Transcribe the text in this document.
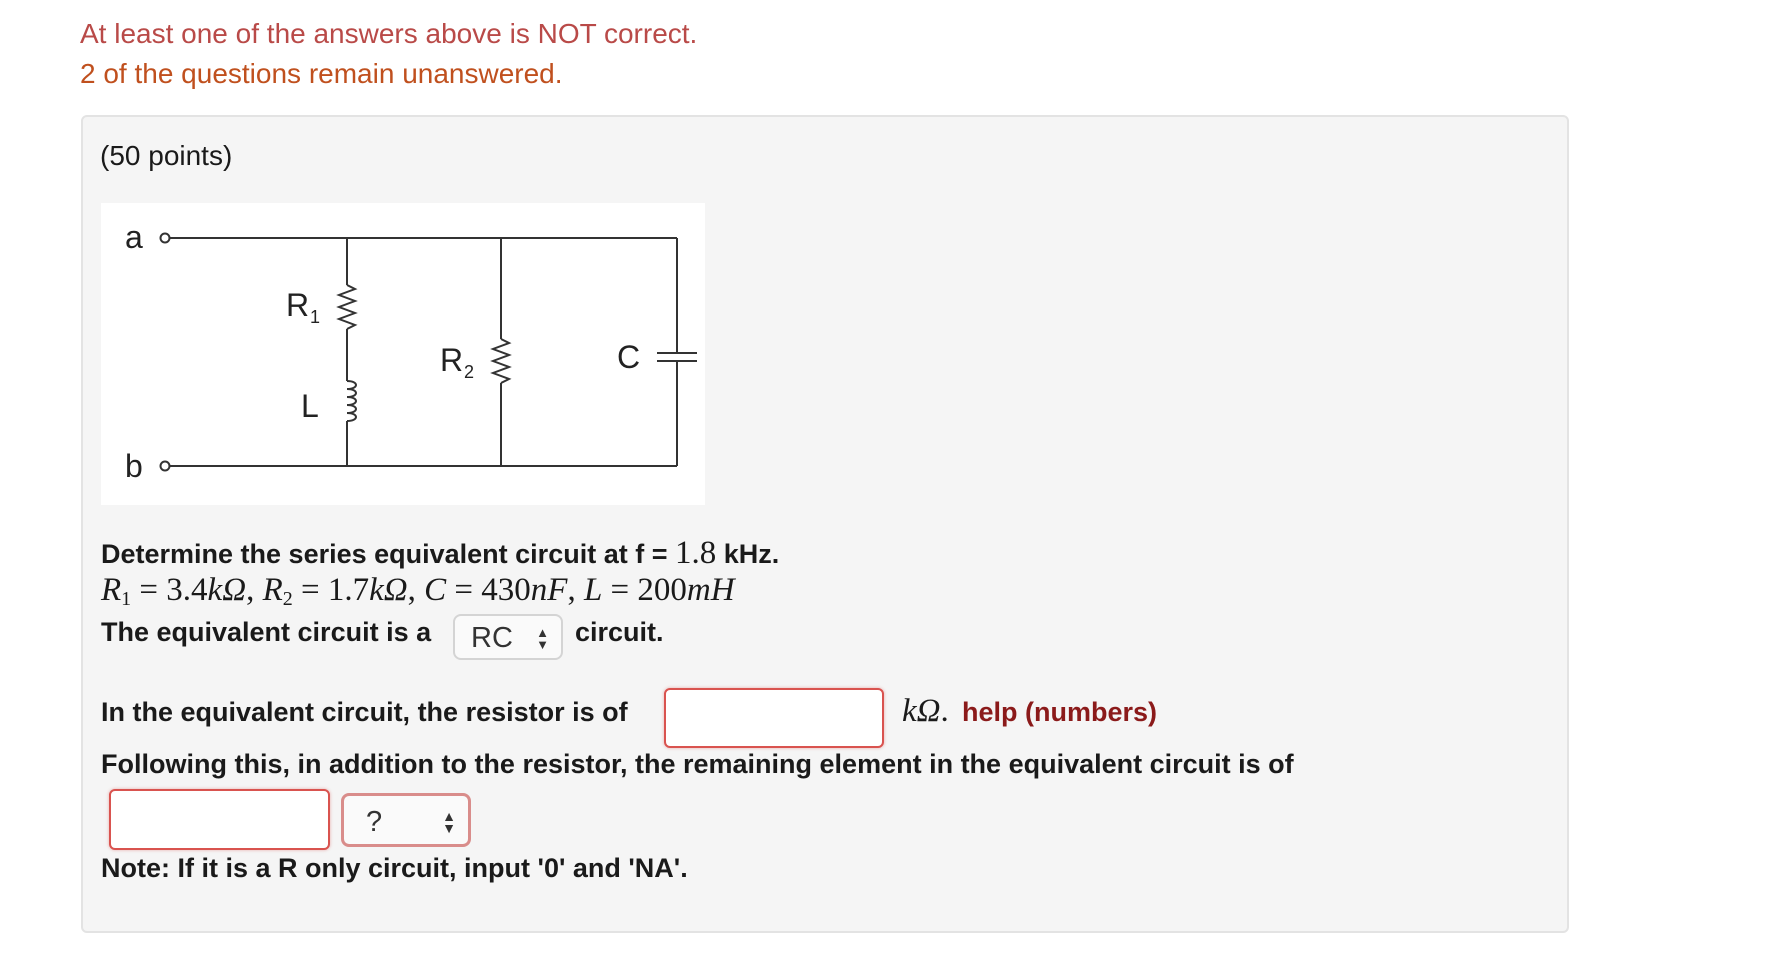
At least one of the answers above is NOT correct.
2 of the questions remain unanswered.
(50 points)
a
b
R 1
R 2	C
L
Determine the series equivalent circuit at f = 1.8 kHz.
$R_1 = 3.4k\Omega$, $R_2 = 1.7k\Omega$, C = 430nF, L = 200mH
The equivalent circuit is a RC ▲
▼ circuit.
In the equivalent circuit, the resistor is of	kΩ. help (numbers)
Following this, in addition to the resistor, the remaining element in the equivalent circuit is of
?	▲
▼
Note: If it is a R only circuit, input '0' and 'NA'.
